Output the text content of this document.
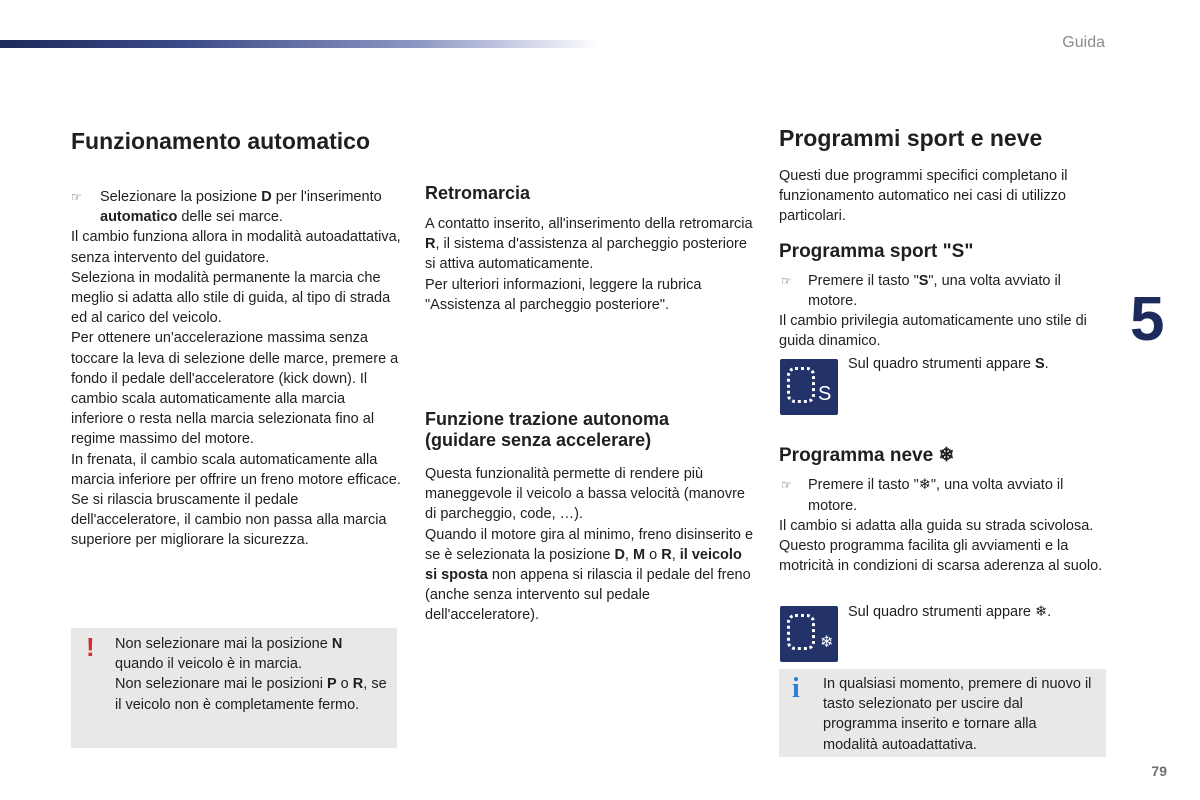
Guida
5
79
Funzionamento automatico
☞	Selezionare la posizione D per l'inserimento automatico delle sei marce.

Il cambio funziona allora in modalità autoadattativa, senza intervento del guidatore.

Seleziona in modalità permanente la marcia che meglio si adatta allo stile di guida, al tipo di strada ed al carico del veicolo.

Per ottenere un'accelerazione massima senza toccare la leva di selezione delle marce, premere a fondo il pedale dell'acceleratore (kick down). Il cambio scala automaticamente alla marcia inferiore o resta nella marcia selezionata fino al regime massimo del motore.

In frenata, il cambio scala automaticamente alla marcia inferiore per offrire un freno motore efficace.

Se si rilascia bruscamente il pedale dell'acceleratore, il cambio non passa alla marcia superiore per migliorare la sicurezza.

! Non selezionare mai la posizione N quando il veicolo è in marcia.
Non selezionare mai le posizioni P o R, se il veicolo non è completamente fermo.
Retromarcia

A contatto inserito, all'inserimento della retromarcia R, il sistema d'assistenza al parcheggio posteriore si attiva automaticamente.

Per ulteriori informazioni, leggere la rubrica "Assistenza al parcheggio posteriore".

Funzione trazione autonoma (guidare senza accelerare)

Questa funzionalità permette di rendere più maneggevole il veicolo a bassa velocità (manovre di parcheggio, code, …).

Quando il motore gira al minimo, freno disinserito e se è selezionata la posizione D, M o R, il veicolo si sposta non appena si rilascia il pedale del freno (anche senza intervento sul pedale dell'acceleratore).

Programmi sport e neve

Questi due programmi specifici completano il funzionamento automatico nei casi di utilizzo particolari.

Programma sport "S"
☞	Premere il tasto "S", una volta avviato il motore.

Il cambio privilegia automaticamente uno stile di guida dinamico.

Programma neve ❄
☞	Premere il tasto "❄", una volta avviato il motore.

Il cambio si adatta alla guida su strada scivolosa.

Questo programma facilita gli avviamenti e la motricità in condizioni di scarsa aderenza al suolo.

S
Sul quadro strumenti appare S.
❄
Sul quadro strumenti appare ❄.
i In qualsiasi momento, premere di nuovo il tasto selezionato per uscire dal programma inserito e tornare alla modalità autoadattativa.
